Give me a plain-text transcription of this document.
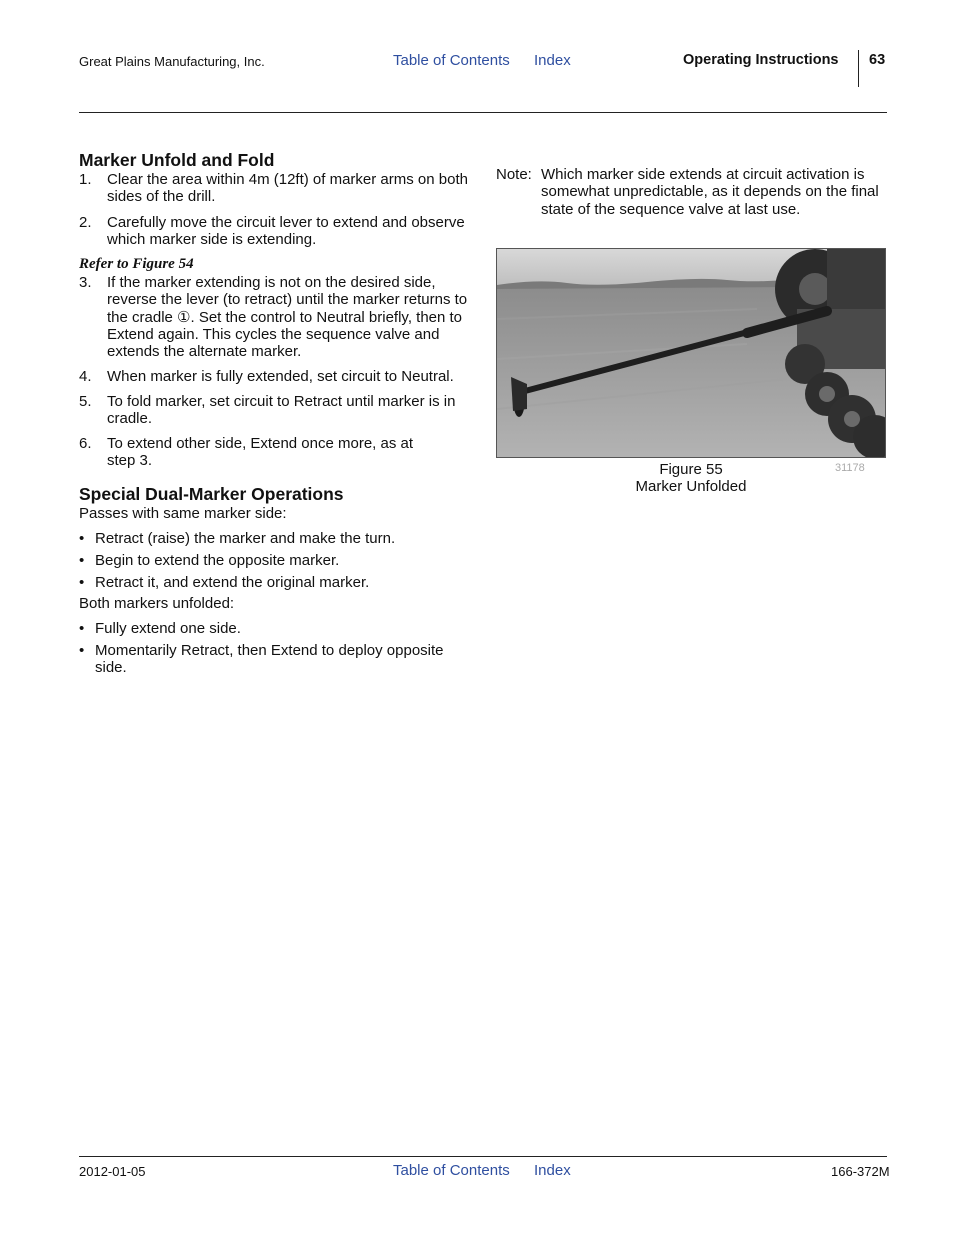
Great Plains Manufacturing, Inc.	Table of Contents Index	Operating Instructions 63
Marker Unfold and Fold
1. Clear the area within 4m (12ft) of marker arms on both sides of the drill.
2. Carefully move the circuit lever to extend and observe which marker side is extending.
Refer to Figure 54
3. If the marker extending is not on the desired side, reverse the lever (to retract) until the marker returns to the cradle ①. Set the control to Neutral briefly, then to Extend again. This cycles the sequence valve and extends the alternate marker.
4. When marker is fully extended, set circuit to Neutral.
5. To fold marker, set circuit to Retract until marker is in cradle.
6. To extend other side, Extend once more, as at step 3.
Special Dual-Marker Operations
Passes with same marker side:
• Retract (raise) the marker and make the turn.
• Begin to extend the opposite marker.
• Retract it, and extend the original marker.
Both markers unfolded:
• Fully extend one side.
• Momentarily Retract, then Extend to deploy opposite side.
Note: Which marker side extends at circuit activation is somewhat unpredictable, as it depends on the final state of the sequence valve at last use.
Figure 55
Marker Unfolded
31178
2012-01-05	Table of Contents Index	166-372M
